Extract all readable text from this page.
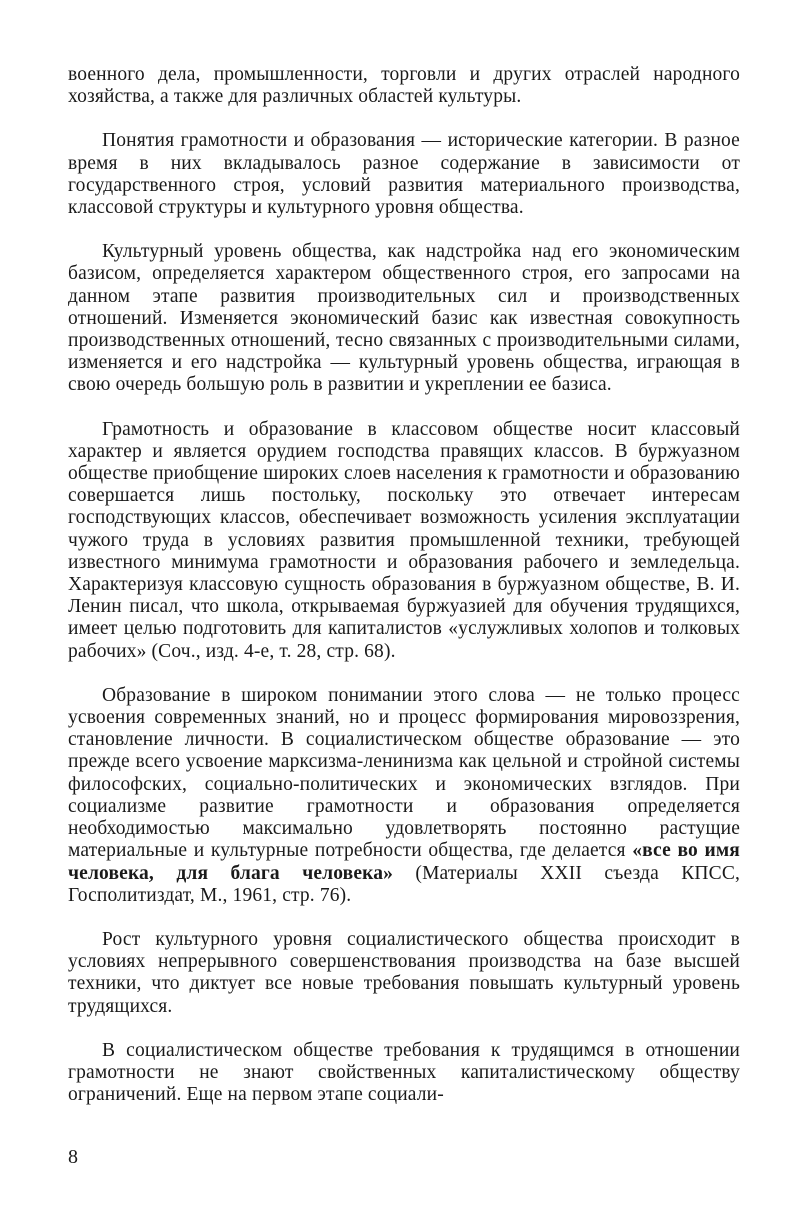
военного дела, промышленности, торговли и других отраслей народного хозяйства, а также для различных областей культуры.

Понятия грамотности и образования — исторические категории. В разное время в них вкладывалось разное содержание в зависимости от государственного строя, условий развития материального производства, классовой структуры и культурного уровня общества.

Культурный уровень общества, как надстройка над его экономическим базисом, определяется характером общественного строя, его запросами на данном этапе развития производительных сил и производственных отношений. Изменяется экономический базис как известная совокупность производственных отношений, тесно связанных с производительными силами, изменяется и его надстройка — культурный уровень общества, играющая в свою очередь большую роль в развитии и укреплении ее базиса.

Грамотность и образование в классовом обществе носит классовый характер и является орудием господства правящих классов. В буржуазном обществе приобщение широких слоев населения к грамотности и образованию совершается лишь постольку, поскольку это отвечает интересам господствующих классов, обеспечивает возможность усиления эксплуатации чужого труда в условиях развития промышленной техники, требующей известного минимума грамотности и образования рабочего и земледельца. Характеризуя классовую сущность образования в буржуазном обществе, В. И. Ленин писал, что школа, открываемая буржуазией для обучения трудящихся, имеет целью подготовить для капиталистов «услужливых холопов и толковых рабочих» (Соч., изд. 4-е, т. 28, стр. 68).

Образование в широком понимании этого слова — не только процесс усвоения современных знаний, но и процесс формирования мировоззрения, становление личности. В социалистическом обществе образование — это прежде всего усвоение марксизма-ленинизма как цельной и стройной системы философских, социально-политических и экономических взглядов. При социализме развитие грамотности и образования определяется необходимостью максимально удовлетворять постоянно растущие материальные и культурные потребности общества, где делается «все во имя человека, для блага человека» (Материалы XXII съезда КПСС, Госполитиздат, М., 1961, стр. 76).

Рост культурного уровня социалистического общества происходит в условиях непрерывного совершенствования производства на базе высшей техники, что диктует все новые требования повышать культурный уровень трудящихся.

В социалистическом обществе требования к трудящимся в отношении грамотности не знают свойственных капиталистическому обществу ограничений. Еще на первом этапе социали-

8
